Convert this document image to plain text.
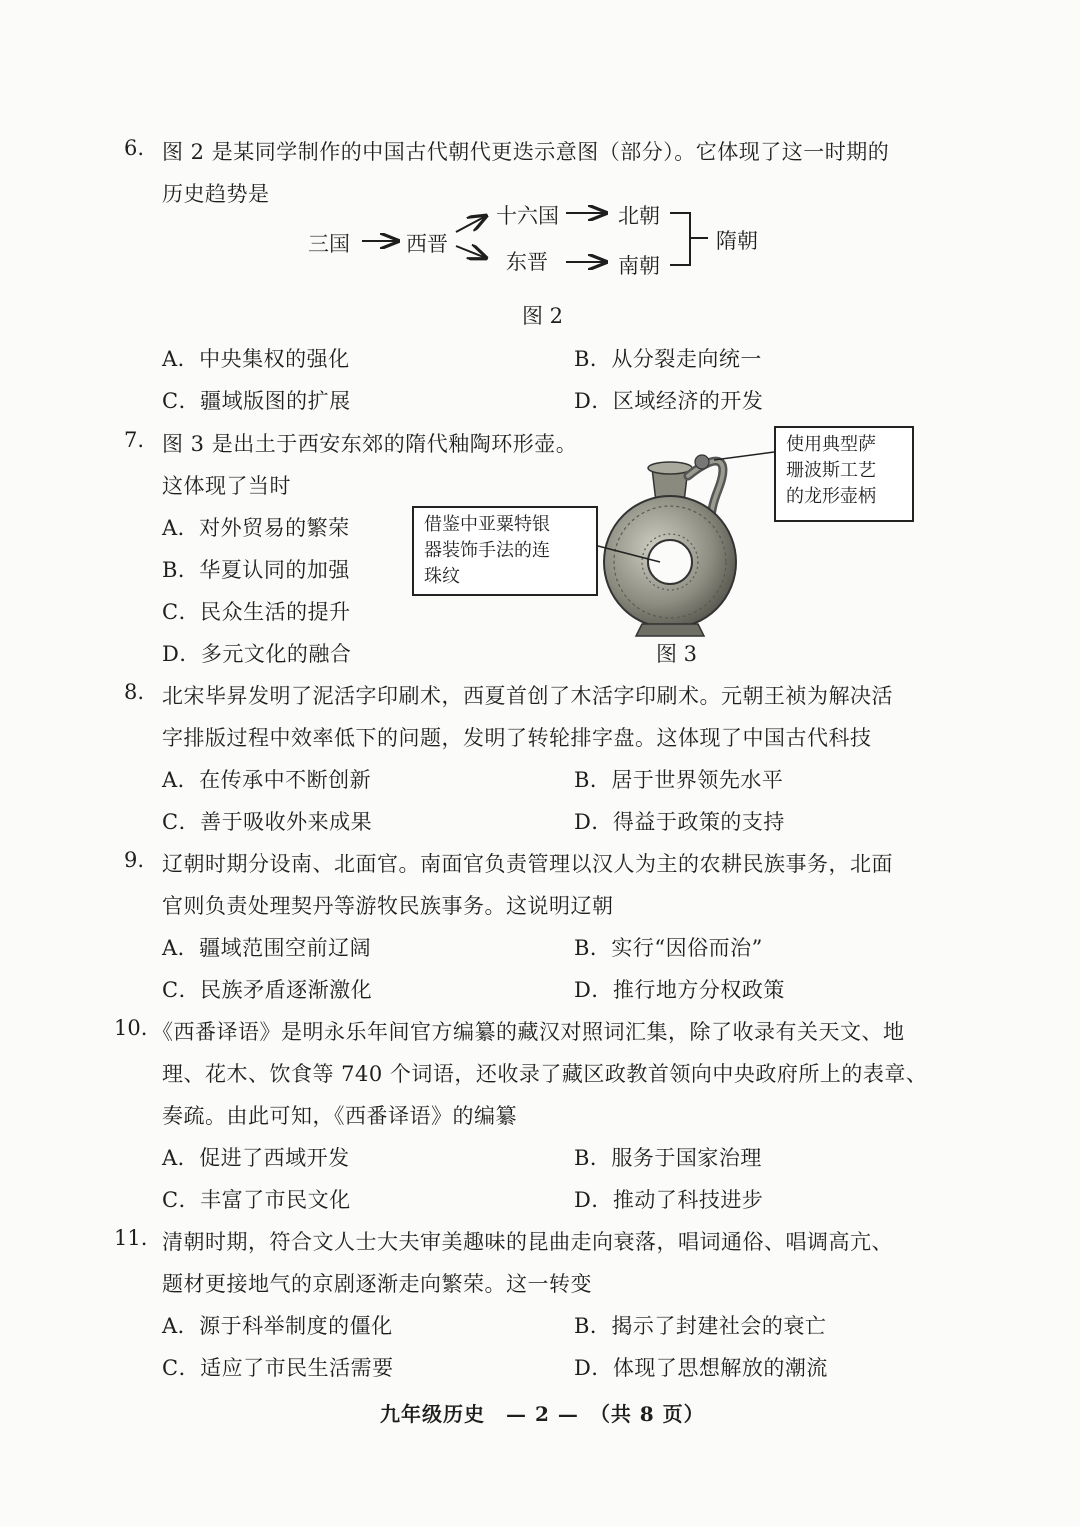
6. 图 2 是某同学制作的中国古代朝代更迭示意图（部分）。它体现了这一时期的
历史趋势是
三国	西晋
十六国	北朝
东晋	南朝
隋朝
图 2
A．中央集权的强化	B．从分裂走向统一
C．疆域版图的扩展	D．区域经济的开发
7. 图 3 是出土于西安东郊的隋代釉陶环形壶。
这体现了当时
A．对外贸易的繁荣
B．华夏认同的加强
C．民众生活的提升
D．多元文化的融合
借鉴中亚粟特银
器装饰手法的连
珠纹
使用典型萨
珊波斯工艺
的龙形壶柄
图 3
8. 北宋毕昇发明了泥活字印刷术，西夏首创了木活字印刷术。元朝王祯为解决活
字排版过程中效率低下的问题，发明了转轮排字盘。这体现了中国古代科技
A．在传承中不断创新	B．居于世界领先水平
C．善于吸收外来成果	D．得益于政策的支持
9. 辽朝时期分设南、北面官。南面官负责管理以汉人为主的农耕民族事务，北面
官则负责处理契丹等游牧民族事务。这说明辽朝
A．疆域范围空前辽阔	B．实行“因俗而治”
C．民族矛盾逐渐激化	D．推行地方分权政策
10. 《西番译语》是明永乐年间官方编纂的藏汉对照词汇集，除了收录有关天文、地
理、花木、饮食等 740 个词语，还收录了藏区政教首领向中央政府所上的表章、
奏疏。由此可知，《西番译语》的编纂
A．促进了西域开发	B．服务于国家治理
C．丰富了市民文化	D．推动了科技进步
11. 清朝时期，符合文人士大夫审美趣味的昆曲走向衰落，唱词通俗、唱调高亢、
题材更接地气的京剧逐渐走向繁荣。这一转变
A．源于科举制度的僵化	B．揭示了封建社会的衰亡
C．适应了市民生活需要	D．体现了思想解放的潮流
九年级历史　— 2 —　（共 8 页）
